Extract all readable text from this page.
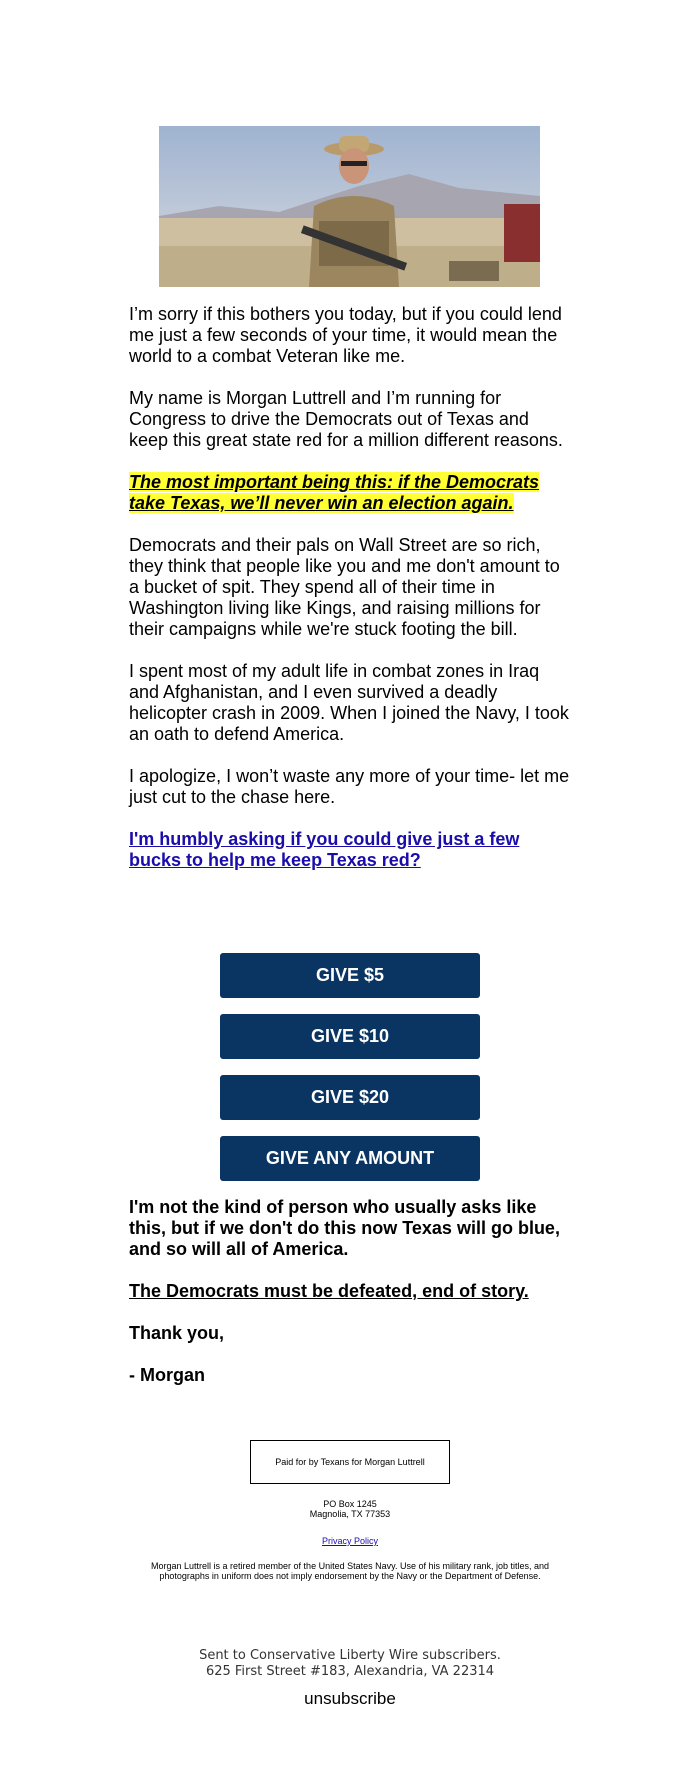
I’m sorry if this bothers you today, but if you could lend me just a few seconds of your time, it would mean the world to a combat Veteran like me.

My name is Morgan Luttrell and I’m running for Congress to drive the Democrats out of Texas and keep this great state red for a million different reasons.

The most important being this: if the Democrats take Texas, we’ll never win an election again.

Democrats and their pals on Wall Street are so rich, they think that people like you and me don't amount to a bucket of spit. They spend all of their time in Washington living like Kings, and raising millions for their campaigns while we're stuck footing the bill.

I spent most of my adult life in combat zones in Iraq and Afghanistan, and I even survived a deadly helicopter crash in 2009. When I joined the Navy, I took an oath to defend America.

I apologize, I won’t waste any more of your time- let me just cut to the chase here.

I'm humbly asking if you could give just a few bucks to help me keep Texas red?

GIVE $5
GIVE $10
GIVE $20
GIVE ANY AMOUNT

I'm not the kind of person who usually asks like this, but if we don't do this now Texas will go blue, and so will all of America.

The Democrats must be defeated, end of story.

Thank you,

- Morgan

Paid for by Texans for Morgan Luttrell
PO Box 1245
Magnolia, TX 77353
Privacy Policy
Morgan Luttrell is a retired member of the United States Navy. Use of his military rank, job titles, and photographs in uniform does not imply endorsement by the Navy or the Department of Defense.
Sent to Conservative Liberty Wire subscribers.
625 First Street #183, Alexandria, VA 22314
unsubscribe
